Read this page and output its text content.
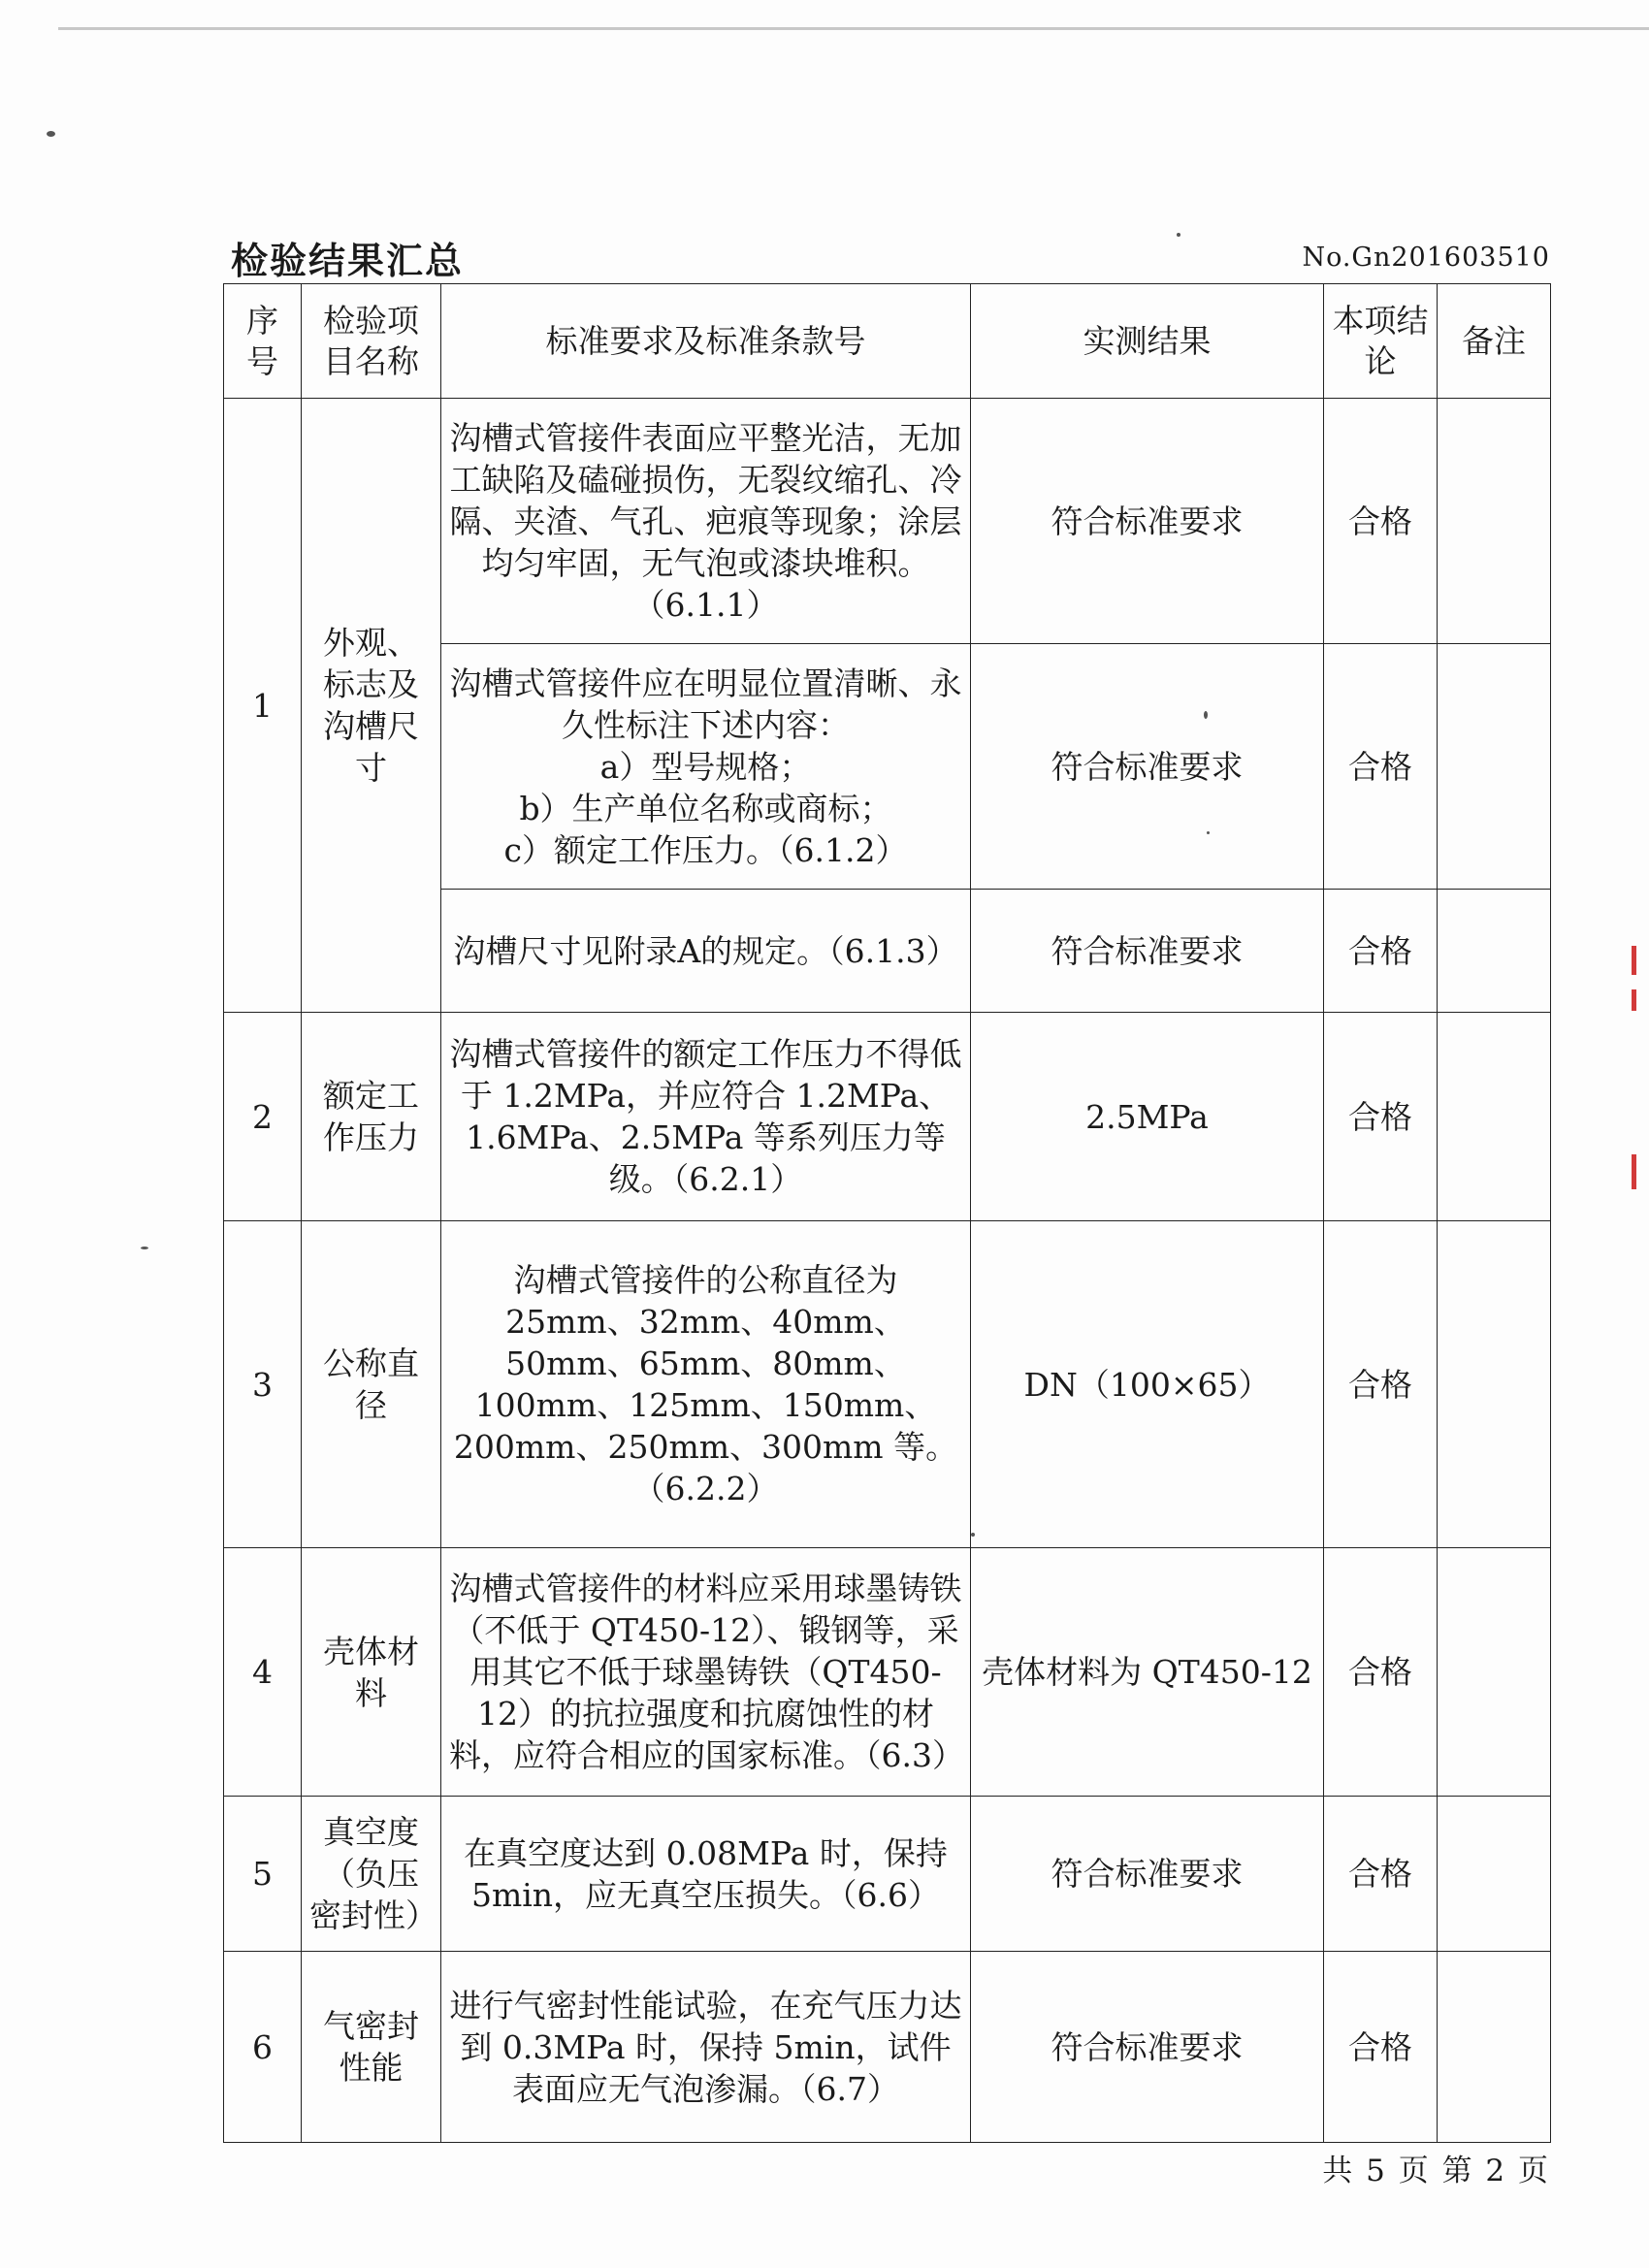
检验结果汇总	No.Gn201603510
序号	检验项目名称	标准要求及标准条款号	实测结果	本项结论	备注
1	外观、标志及沟槽尺寸	沟槽式管接件表面应平整光洁，无加工缺陷及磕碰损伤，无裂纹缩孔、冷隔、夹渣、气孔、疤痕等现象；涂层均匀牢固，无气泡或漆块堆积。（6.1.1）	符合标准要求	合格	

		沟槽式管接件应在明显位置清晰、永久性标注下述内容：
a）型号规格；
b）生产单位名称或商标；
c）额定工作压力。（6.1.2）	符合标准要求	合格	
		沟槽尺寸见附录A的规定。（6.1.3）	符合标准要求	合格	
2	额定工作压力	沟槽式管接件的额定工作压力不得低于 1.2MPa，并应符合 1.2MPa、1.6MPa、2.5MPa 等系列压力等级。（6.2.1）	2.5MPa	合格	
3	公称直径	沟槽式管接件的公称直径为 25mm、32mm、40mm、50mm、65mm、80mm、100mm、125mm、150mm、200mm、250mm、300mm 等。（6.2.2）	DN（100×65）	合格	
4	壳体材料	沟槽式管接件的材料应采用球墨铸铁（不低于 QT450-12）、锻钢等，采用其它不低于球墨铸铁（QT450-12）的抗拉强度和抗腐蚀性的材料，应符合相应的国家标准。（6.3）	壳体材料为 QT450-12	合格	
5	真空度（负压密封性）	在真空度达到 0.08MPa 时，保持 5min，应无真空压损失。（6.6）	符合标准要求	合格	
6	气密封性能	进行气密封性能试验，在充气压力达到 0.3MPa 时，保持 5min，试件表面应无气泡渗漏。（6.7）	符合标准要求	合格	
共 5 页 第 2 页
